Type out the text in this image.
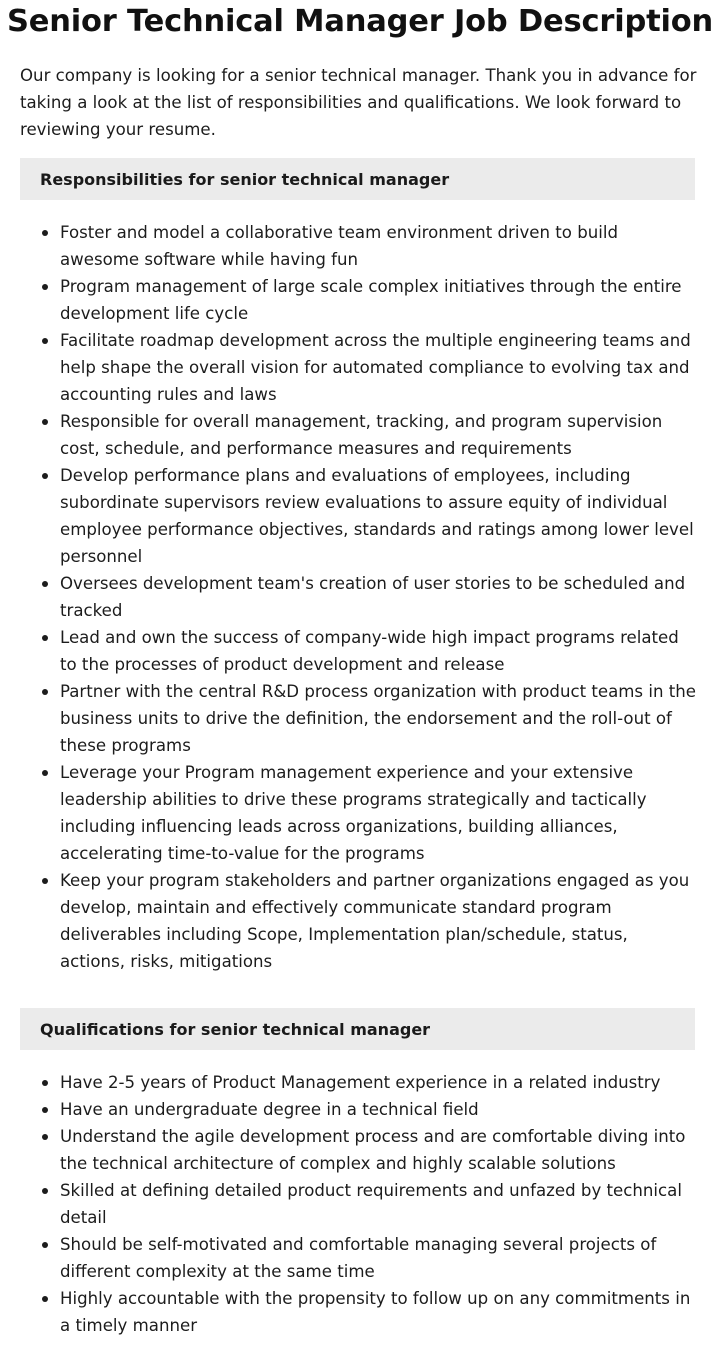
Senior Technical Manager Job Description

Our company is looking for a senior technical manager. Thank you in advance for taking a look at the list of responsibilities and qualifications. We look forward to reviewing your resume.

Responsibilities for senior technical manager
Foster and model a collaborative team environment driven to build awesome software while having fun
Program management of large scale complex initiatives through the entire development life cycle
Facilitate roadmap development across the multiple engineering teams and help shape the overall vision for automated compliance to evolving tax and accounting rules and laws
Responsible for overall management, tracking, and program supervision cost, schedule, and performance measures and requirements
Develop performance plans and evaluations of employees, including subordinate supervisors review evaluations to assure equity of individual employee performance objectives, standards and ratings among lower level personnel
Oversees development team's creation of user stories to be scheduled and tracked
Lead and own the success of company-wide high impact programs related to the processes of product development and release
Partner with the central R&D process organization with product teams in the business units to drive the definition, the endorsement and the roll-out of these programs
Leverage your Program management experience and your extensive leadership abilities to drive these programs strategically and tactically including influencing leads across organizations, building alliances, accelerating time-to-value for the programs
Keep your program stakeholders and partner organizations engaged as you develop, maintain and effectively communicate standard program deliverables including Scope, Implementation plan/schedule, status, actions, risks, mitigations
Qualifications for senior technical manager
Have 2-5 years of Product Management experience in a related industry
Have an undergraduate degree in a technical field
Understand the agile development process and are comfortable diving into the technical architecture of complex and highly scalable solutions
Skilled at defining detailed product requirements and unfazed by technical detail
Should be self-motivated and comfortable managing several projects of different complexity at the same time
Highly accountable with the propensity to follow up on any commitments in a timely manner
